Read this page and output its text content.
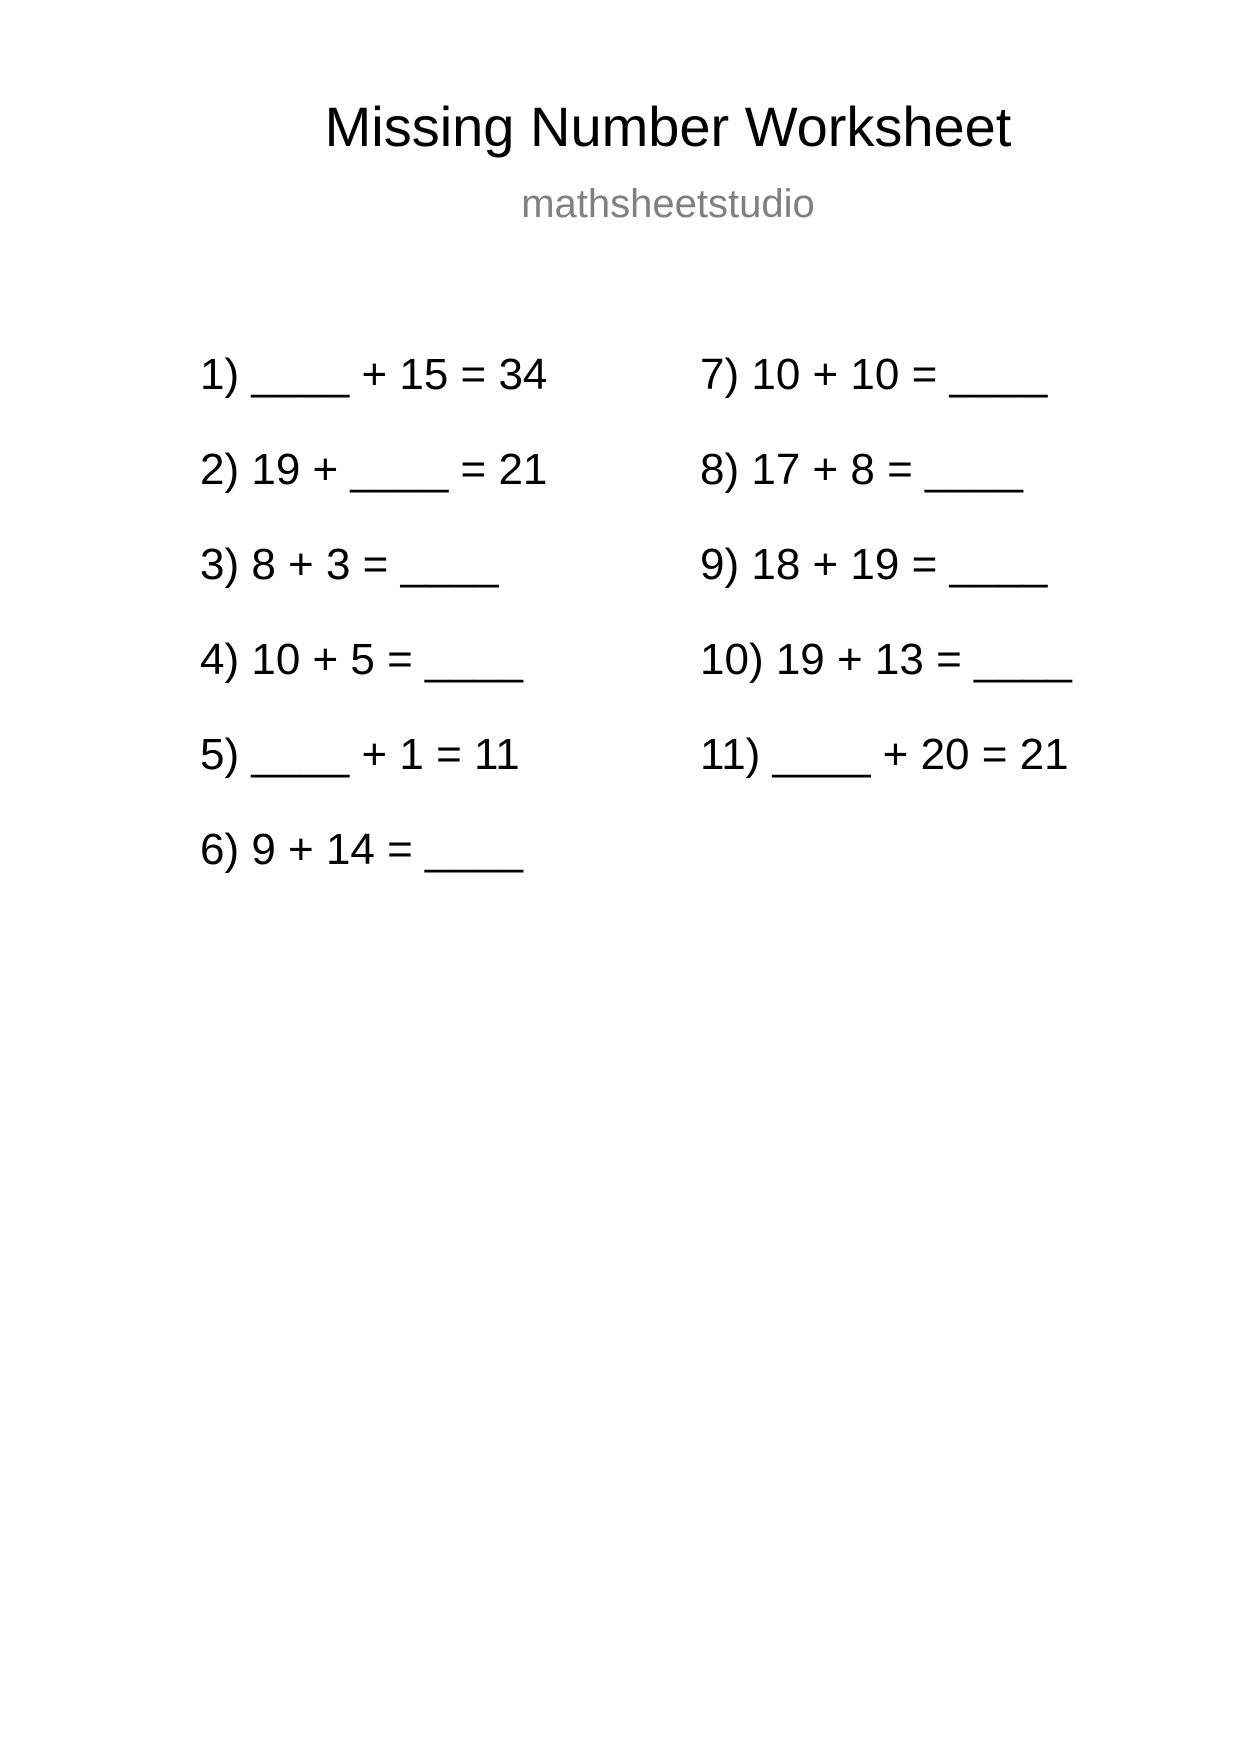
Missing Number Worksheet
mathsheetstudio
1) ____ + 15 = 34
2) 19 + ____ = 21
3) 8 + 3 = ____
4) 10 + 5 = ____
5) ____ + 1 = 11
6) 9 + 14 = ____
7) 10 + 10 = ____
8) 17 + 8 = ____
9) 18 + 19 = ____
10) 19 + 13 = ____
11) ____ + 20 = 21
